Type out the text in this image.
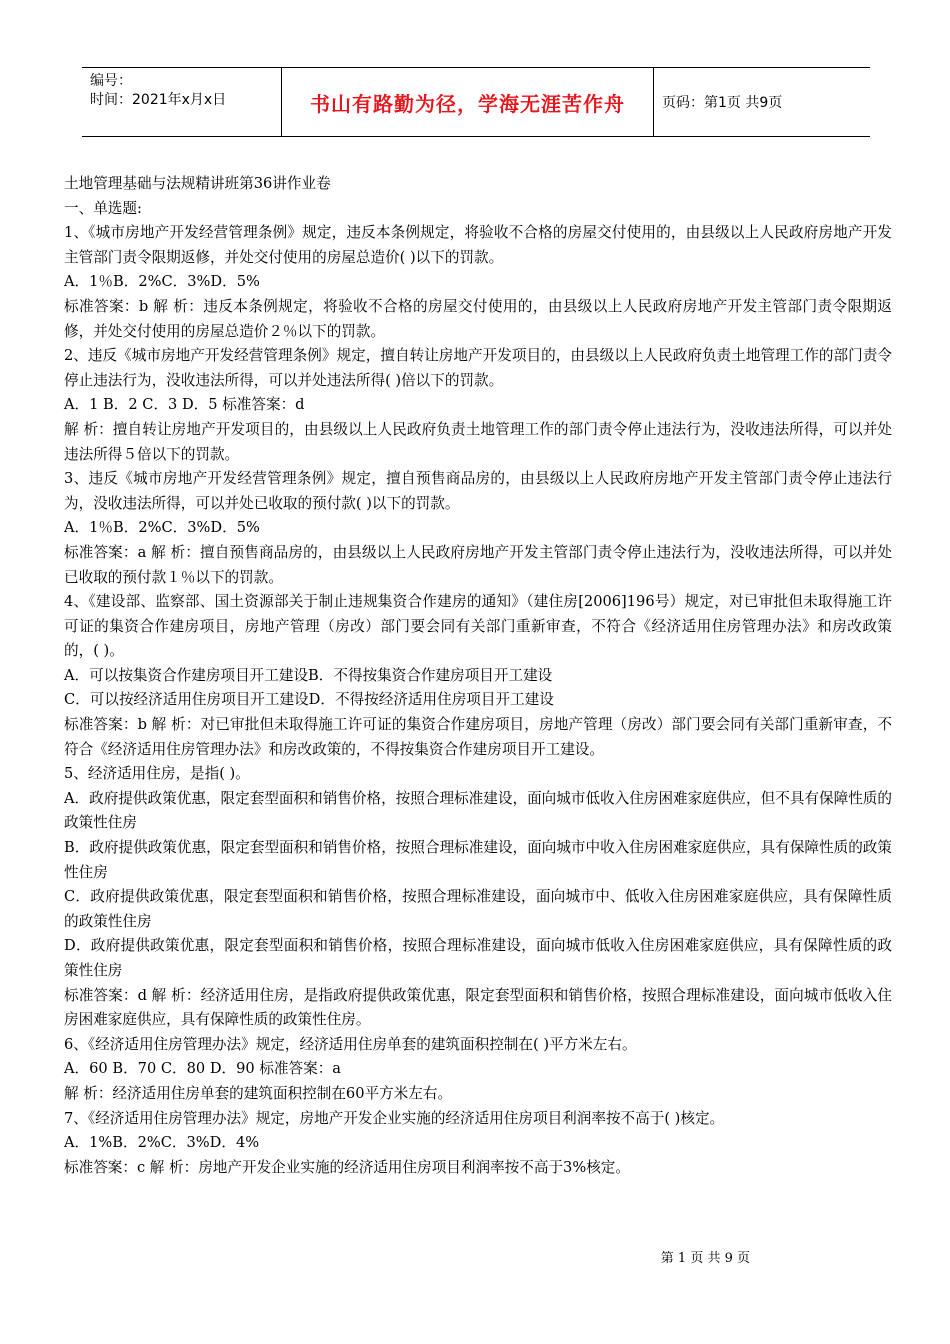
编号：
时间：2021年x月x日	书山有路勤为径，学海无涯苦作舟	页码：第1页 共9页

土地管理基础与法规精讲班第36讲作业卷

一、单选题:

1、《城市房地产开发经营管理条例》规定，违反本条例规定，将验收不合格的房屋交付使用的，由县级以上人民政府房地产开发主管部门责令限期返修，并处交付使用的房屋总造价( )以下的罚款。

A．1％B．2%C．3%D．5%

标准答案：b 解 析：违反本条例规定，将验收不合格的房屋交付使用的，由县级以上人民政府房地产开发主管部门责令限期返修，并处交付使用的房屋总造价２％以下的罚款。

2、违反《城市房地产开发经营管理条例》规定，擅自转让房地产开发项目的，由县级以上人民政府负责土地管理工作的部门责令停止违法行为，没收违法所得，可以并处违法所得( )倍以下的罚款。

A．1 B．2 C．3 D．5 标准答案：d

解 析：擅自转让房地产开发项目的，由县级以上人民政府负责土地管理工作的部门责令停止违法行为，没收违法所得，可以并处违法所得５倍以下的罚款。

3、违反《城市房地产开发经营管理条例》规定，擅自预售商品房的，由县级以上人民政府房地产开发主管部门责令停止违法行为，没收违法所得，可以并处已收取的预付款( )以下的罚款。

A．1％B．2%C．3%D．5%

标准答案：a 解 析：擅自预售商品房的，由县级以上人民政府房地产开发主管部门责令停止违法行为，没收违法所得，可以并处已收取的预付款１％以下的罚款。

4、《建设部、监察部、国土资源部关于制止违规集资合作建房的通知》（建住房[2006]196号）规定，对已审批但未取得施工许可证的集资合作建房项目，房地产管理（房改）部门要会同有关部门重新审查，不符合《经济适用住房管理办法》和房改政策的，( )。

A．可以按集资合作建房项目开工建设B．不得按集资合作建房项目开工建设

C．可以按经济适用住房项目开工建设D．不得按经济适用住房项目开工建设

标准答案：b 解 析：对已审批但未取得施工许可证的集资合作建房项目，房地产管理（房改）部门要会同有关部门重新审查，不符合《经济适用住房管理办法》和房改政策的，不得按集资合作建房项目开工建设。

5、经济适用住房，是指( )。

A．政府提供政策优惠，限定套型面积和销售价格，按照合理标准建设，面向城市低收入住房困难家庭供应，但不具有保障性质的政策性住房

B．政府提供政策优惠，限定套型面积和销售价格，按照合理标准建设，面向城市中收入住房困难家庭供应，具有保障性质的政策性住房

C．政府提供政策优惠，限定套型面积和销售价格，按照合理标准建设，面向城市中、低收入住房困难家庭供应，具有保障性质的政策性住房

D．政府提供政策优惠，限定套型面积和销售价格，按照合理标准建设，面向城市低收入住房困难家庭供应，具有保障性质的政策性住房

标准答案：d 解 析：经济适用住房，是指政府提供政策优惠，限定套型面积和销售价格，按照合理标准建设，面向城市低收入住房困难家庭供应，具有保障性质的政策性住房。

6、《经济适用住房管理办法》规定，经济适用住房单套的建筑面积控制在( )平方米左右。

A．60 B．70 C．80 D．90 标准答案：a

解 析：经济适用住房单套的建筑面积控制在60平方米左右。

7、《经济适用住房管理办法》规定，房地产开发企业实施的经济适用住房项目利润率按不高于( )核定。

A．1%B．2%C．3%D．4%

标准答案：c 解 析：房地产开发企业实施的经济适用住房项目利润率按不高于3%核定。

第 1 页 共 9 页
